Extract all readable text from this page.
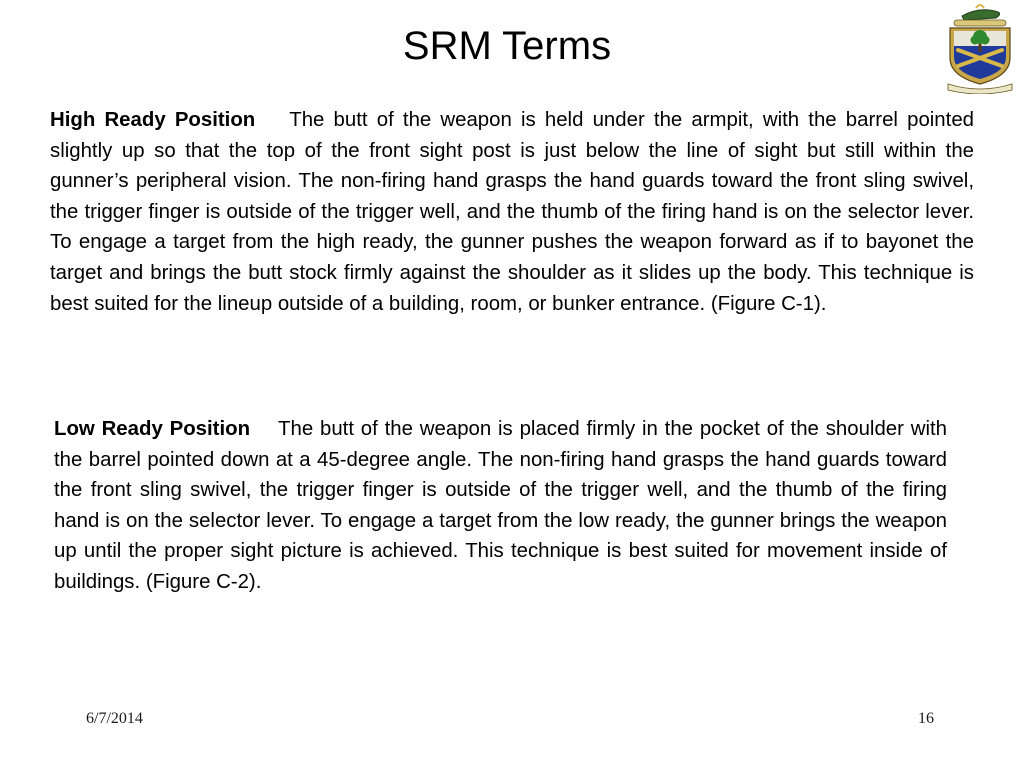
SRM Terms

High Ready Position The butt of the weapon is held under the armpit, with the barrel pointed slightly up so that the top of the front sight post is just below the line of sight but still within the gunner’s peripheral vision. The non-firing hand grasps the hand guards toward the front sling swivel, the trigger finger is outside of the trigger well, and the thumb of the firing hand is on the selector lever. To engage a target from the high ready, the gunner pushes the weapon forward as if to bayonet the target and brings the butt stock firmly against the shoulder as it slides up the body. This technique is best suited for the lineup outside of a building, room, or bunker entrance. (Figure C-1).

Low Ready Position The butt of the weapon is placed firmly in the pocket of the shoulder with the barrel pointed down at a 45-degree angle. The non-firing hand grasps the hand guards toward the front sling swivel, the trigger finger is outside of the trigger well, and the thumb of the firing hand is on the selector lever. To engage a target from the low ready, the gunner brings the weapon up until the proper sight picture is achieved. This technique is best suited for movement inside of buildings. (Figure C-2).

6/7/2014	16
